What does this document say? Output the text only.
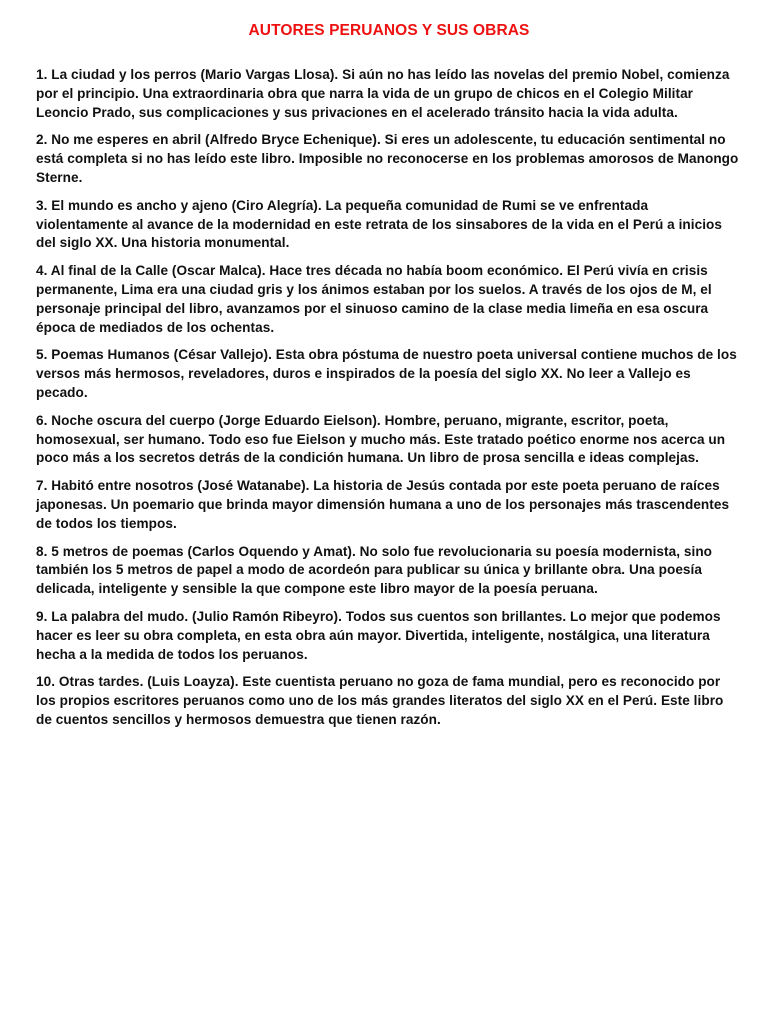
AUTORES PERUANOS Y SUS OBRAS

1. La ciudad y los perros (Mario Vargas Llosa). Si aún no has leído las novelas del premio Nobel, comienza por el principio. Una extraordinaria obra que narra la vida de un grupo de chicos en el Colegio Militar Leoncio Prado, sus complicaciones y sus privaciones en el acelerado tránsito hacia la vida adulta.

2. No me esperes en abril (Alfredo Bryce Echenique). Si eres un adolescente, tu educación sentimental no está completa si no has leído este libro. Imposible no reconocerse en los problemas amorosos de Manongo Sterne.

3. El mundo es ancho y ajeno (Ciro Alegría). La pequeña comunidad de Rumi se ve enfrentada violentamente al avance de la modernidad en este retrata de los sinsabores de la vida en el Perú a inicios del siglo XX. Una historia monumental.

4. Al final de la Calle (Oscar Malca). Hace tres década no había boom económico. El Perú vivía en crisis permanente, Lima era una ciudad gris y los ánimos estaban por los suelos. A través de los ojos de M, el personaje principal del libro, avanzamos por el sinuoso camino de la clase media limeña en esa oscura época de mediados de los ochentas.

5. Poemas Humanos (César Vallejo). Esta obra póstuma de nuestro poeta universal contiene muchos de los versos más hermosos, reveladores, duros e inspirados de la poesía del siglo XX. No leer a Vallejo es pecado.

6. Noche oscura del cuerpo (Jorge Eduardo Eielson). Hombre, peruano, migrante, escritor, poeta, homosexual, ser humano. Todo eso fue Eielson y mucho más. Este tratado poético enorme nos acerca un poco más a los secretos detrás de la condición humana. Un libro de prosa sencilla e ideas complejas.

7. Habitó entre nosotros (José Watanabe). La historia de Jesús contada por este poeta peruano de raíces japonesas. Un poemario que brinda mayor dimensión humana a uno de los personajes más trascendentes de todos los tiempos.

8. 5 metros de poemas (Carlos Oquendo y Amat). No solo fue revolucionaria su poesía modernista, sino también los 5 metros de papel a modo de acordeón para publicar su única y brillante obra. Una poesía delicada, inteligente y sensible la que compone este libro mayor de la poesía peruana.

9. La palabra del mudo. (Julio Ramón Ribeyro). Todos sus cuentos son brillantes. Lo mejor que podemos hacer es leer su obra completa, en esta obra aún mayor. Divertida, inteligente, nostálgica, una literatura hecha a la medida de todos los peruanos.

10. Otras tardes. (Luis Loayza). Este cuentista peruano no goza de fama mundial, pero es reconocido por los propios escritores peruanos como uno de los más grandes literatos del siglo XX en el Perú. Este libro de cuentos sencillos y hermosos demuestra que tienen razón.
